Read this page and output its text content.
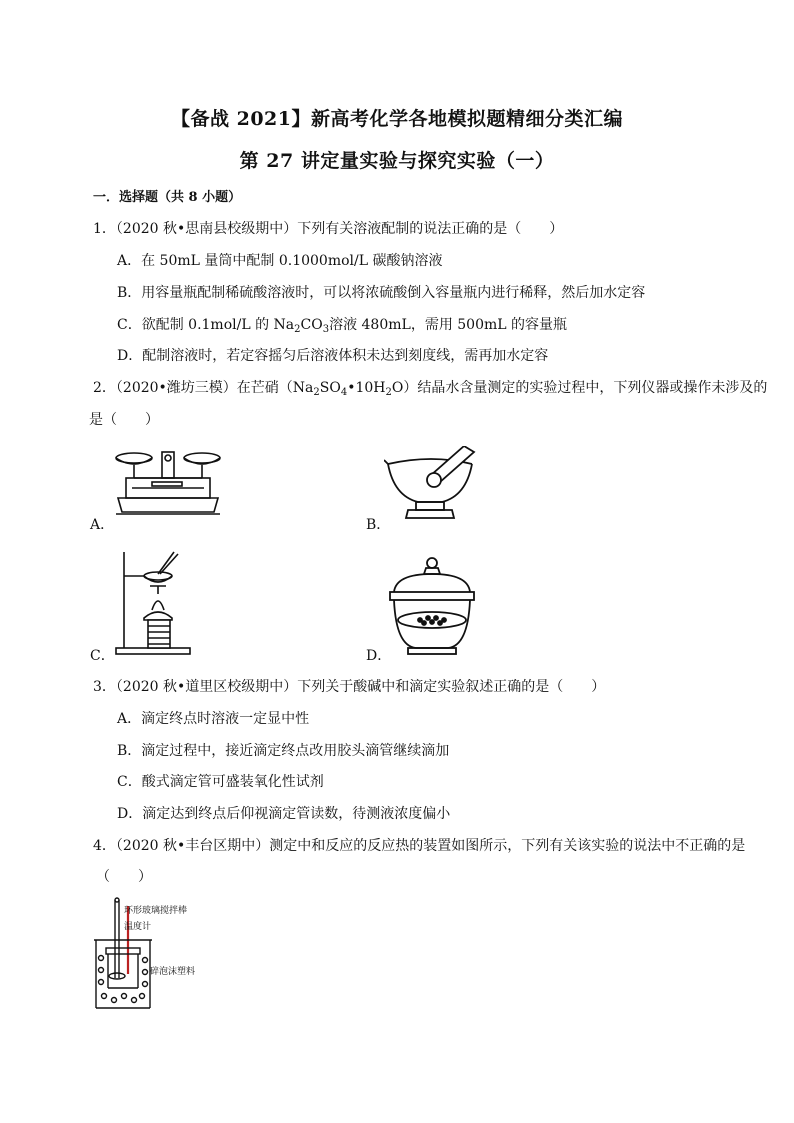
【备战 2021】新高考化学各地模拟题精细分类汇编
第 27 讲定量实验与探究实验（一）
一．选择题（共 8 小题）
1．（2020 秋•思南县校级期中）下列有关溶液配制的说法正确的是（　　）
A．在 50mL 量筒中配制 0.1000mol/L 碳酸钠溶液
B．用容量瓶配制稀硫酸溶液时，可以将浓硫酸倒入容量瓶内进行稀释，然后加水定容
C．欲配制 0.1mol/L 的 $Na_2CO_3$溶液 480mL，需用 500mL 的容量瓶
D．配制溶液时，若定容摇匀后溶液体积未达到刻度线，需再加水定容
2．（2020•潍坊三模）在芒硝$(Na_2SO_4•10H_2O)$结晶水含量测定的实验过程中，下列仪器或操作未涉及的
是（　　）
A．	B．
C．	D．
3．（2020 秋•道里区校级期中）下列关于酸碱中和滴定实验叙述正确的是（　　）
A．滴定终点时溶液一定显中性
B．滴定过程中，接近滴定终点改用胶头滴管继续滴加
C．酸式滴定管可盛装氧化性试剂
D．滴定达到终点后仰视滴定管读数，待测液浓度偏小
4．（2020 秋•丰台区期中）测定中和反应的反应热的装置如图所示，下列有关该实验的说法中不正确的是
（　　）
环形玻璃搅拌棒
温度计
碎泡沫塑料
